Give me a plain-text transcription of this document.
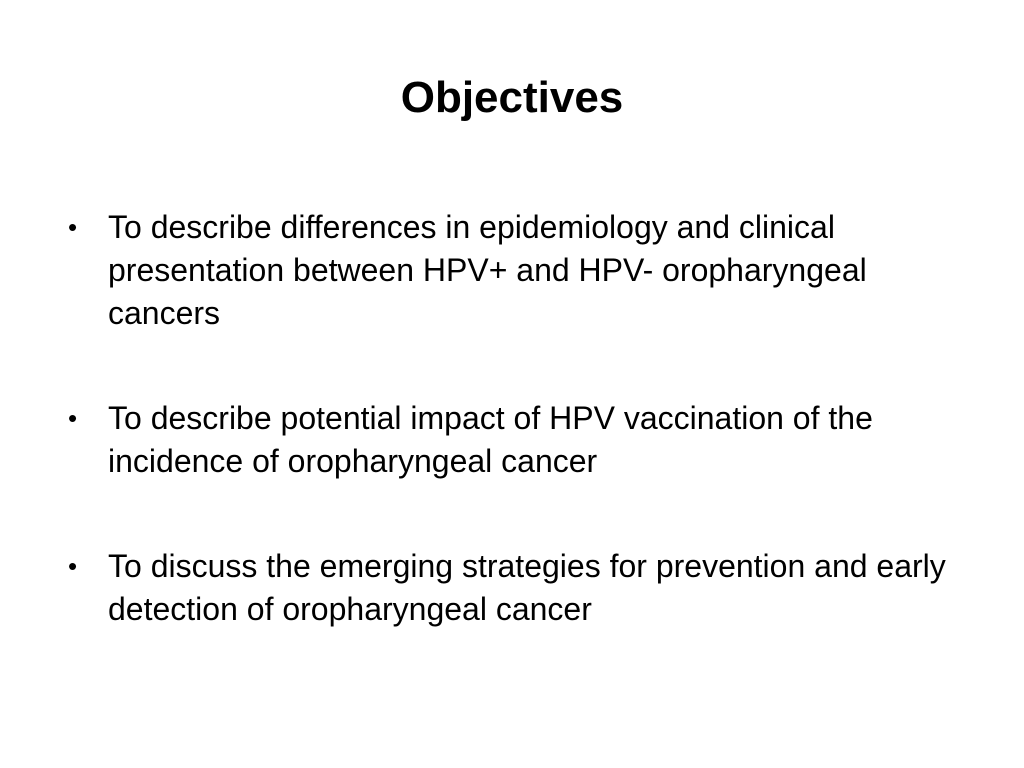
Objectives
• To describe differences in epidemiology and clinical presentation between HPV+ and HPV- oropharyngeal cancers
• To describe potential impact of HPV vaccination of the incidence of oropharyngeal cancer
• To discuss the emerging strategies for prevention and early detection of oropharyngeal cancer
